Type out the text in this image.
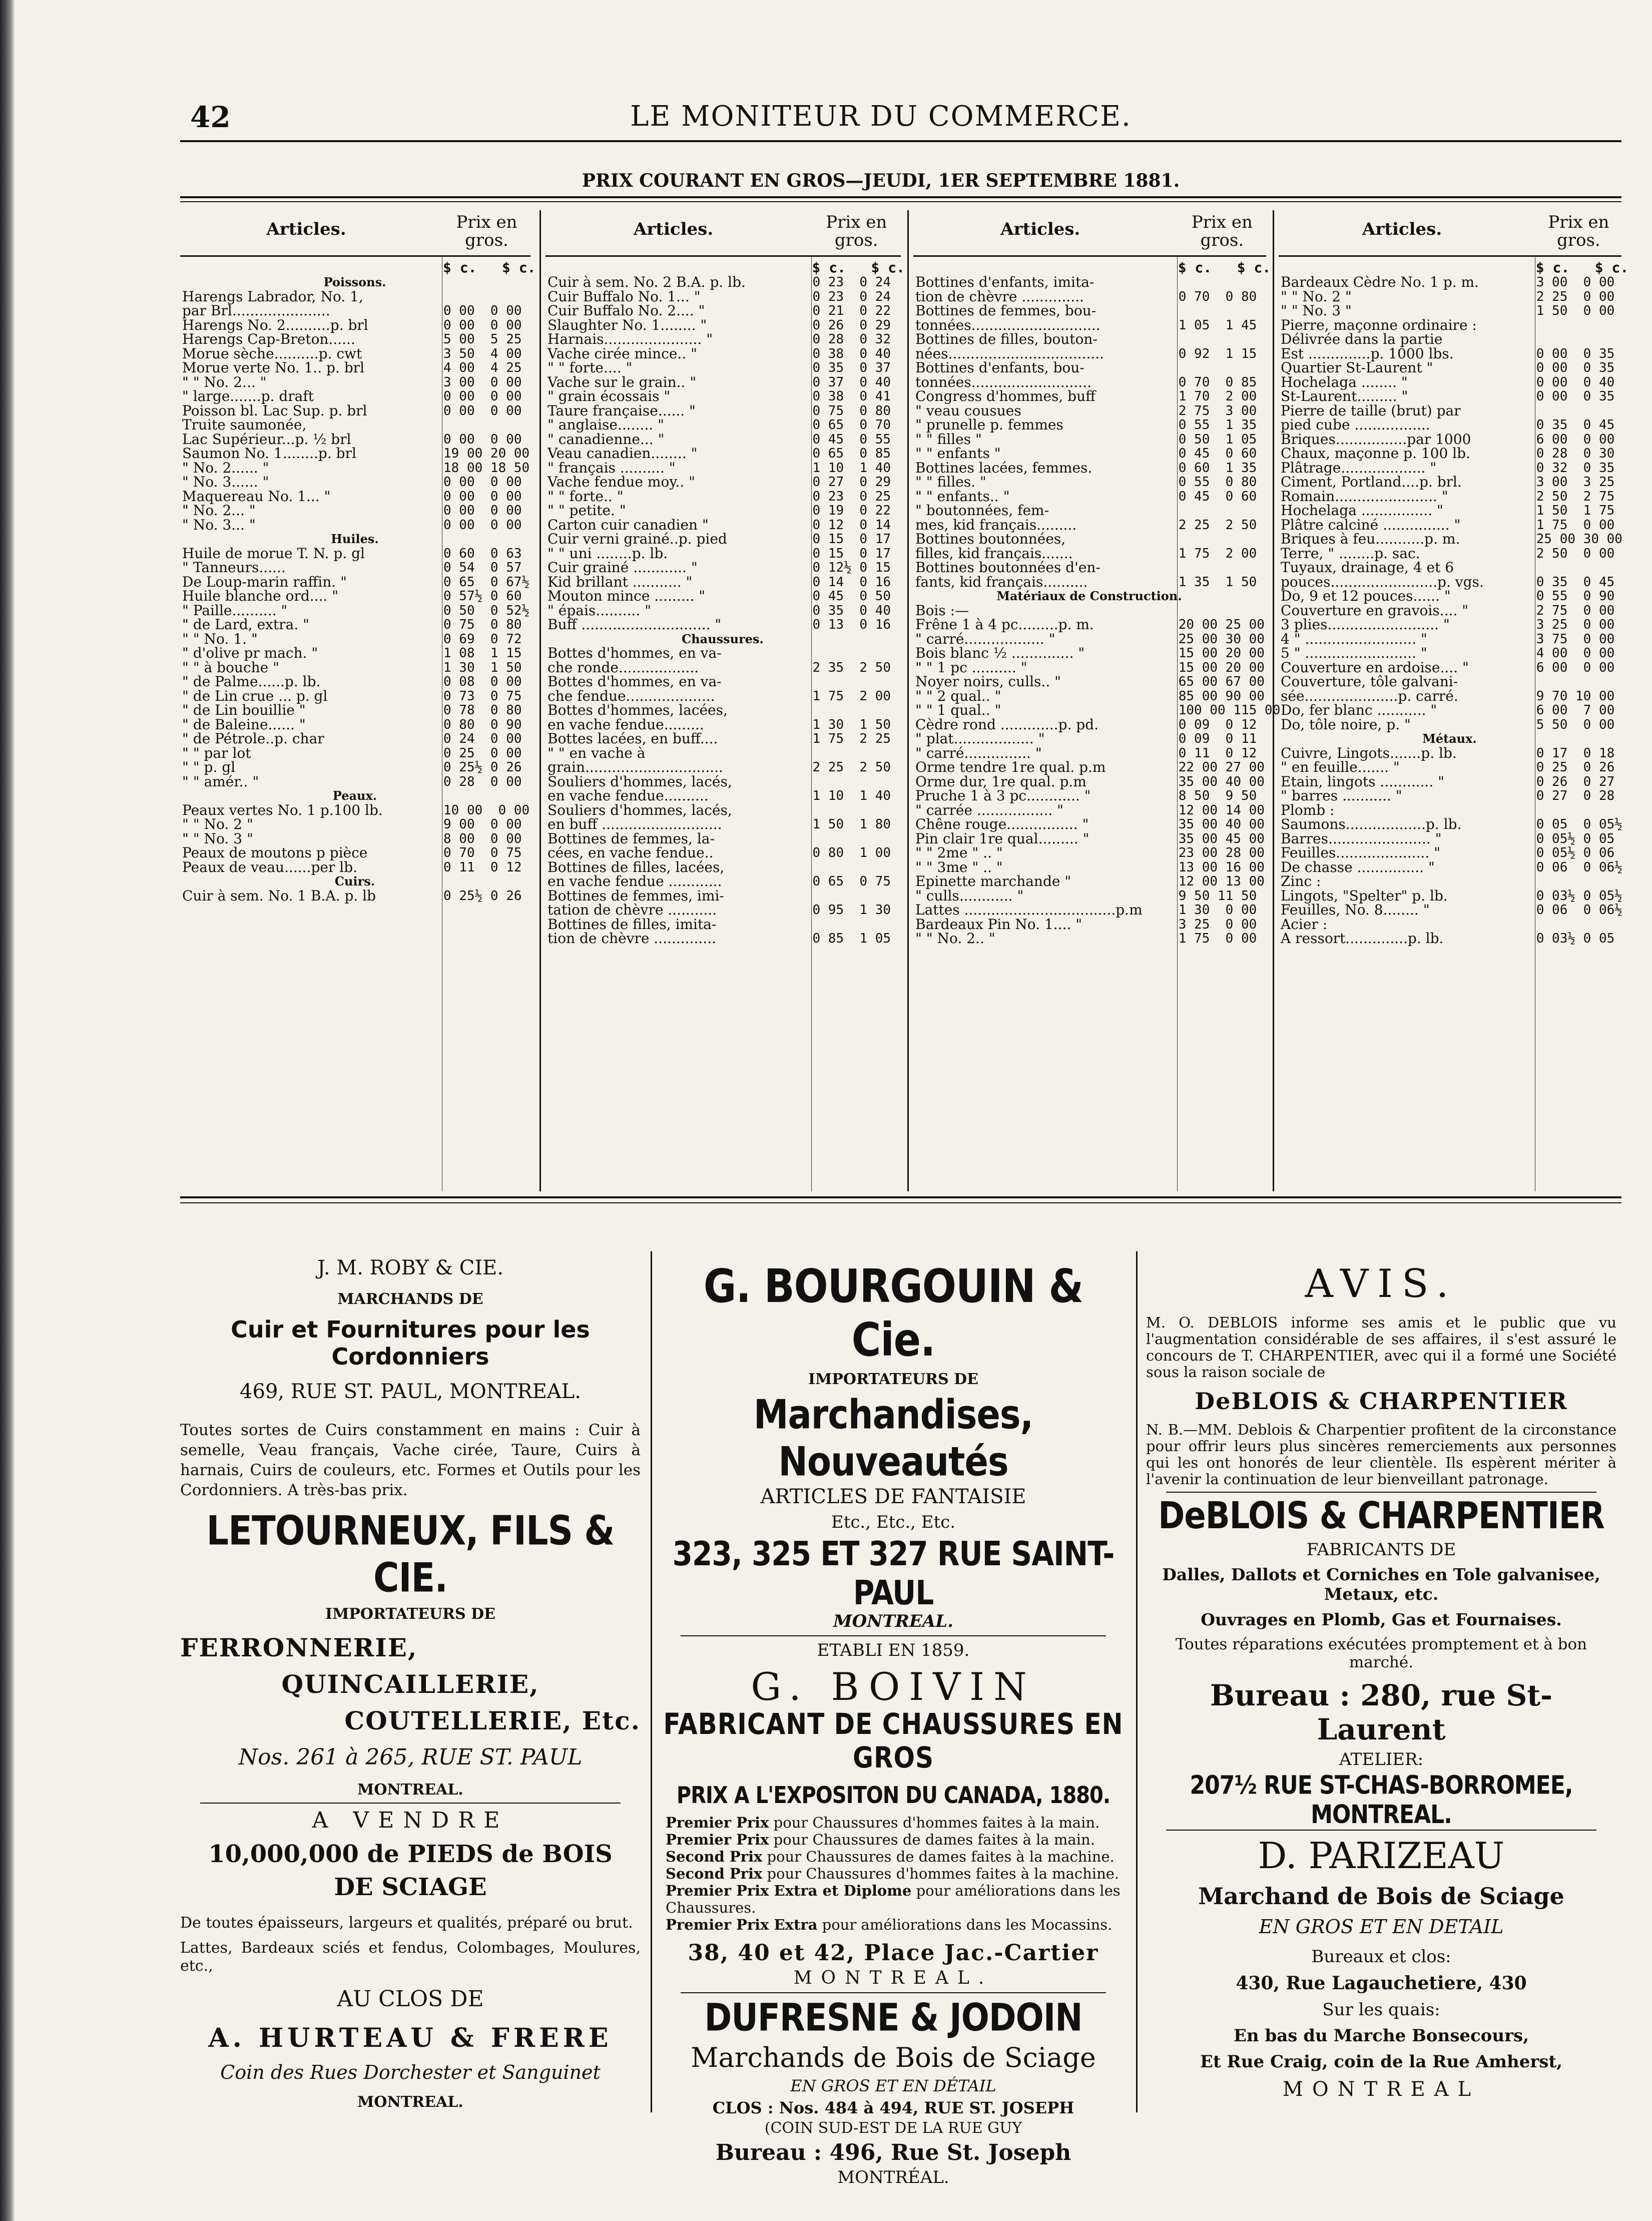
42	LE MONITEUR DU COMMERCE.
PRIX COURANT EN GROS—JEUDI, 1ER SEPTEMBRE 1881.
Articles.	Prix en gros.
$ c.   $ c.
Poissons.
Harengs Labrador, No. 1,
par Brl......................	0 00  0 00
Harengs No. 2..........p. brl	0 00  0 00
Harengs Cap-Breton......	5 00  5 25
Morue sèche..........p. cwt	3 50  4 00
Morue verte No. 1.. p. brl	4 00  4 25
" " No. 2... "	3 00  0 00
" large.......p. draft	0 00  0 00
Poisson bl. Lac Sup. p. brl	0 00  0 00
Truite saumonée,
Lac Supérieur...p. ½ brl	0 00  0 00
Saumon No. 1........p. brl	19 00 20 00
" No. 2...... "	18 00 18 50
" No. 3...... "	0 00  0 00
Maquereau No. 1... "	0 00  0 00
" No. 2... "	0 00  0 00
" No. 3... "	0 00  0 00
Huiles.
Huile de morue T. N. p. gl	0 60  0 63
" Tanneurs......	0 54  0 57
De Loup-marin raffin. "	0 65  0 67½
Huile blanche ord.... "	0 57½ 0 60
" Paille.......... "	0 50  0 52½
" de Lard, extra. "	0 75  0 80
" " No. 1. "	0 69  0 72
" d'olive pr mach. "	1 08  1 15
" " à bouche "	1 30  1 50
" de Palme......p. lb.	0 08  0 00
" de Lin crue ... p. gl	0 73  0 75
" de Lin bouillie "	0 78  0 80
" de Baleine...... "	0 80  0 90
" de Pétrole..p. char	0 24  0 00
" " par lot	0 25  0 00
" " p. gl	0 25½ 0 26
" " amér.. "	0 28  0 00
Peaux.
Peaux vertes No. 1 p.100 lb.	10 00  0 00
" " No. 2 "	9 00  0 00
" " No. 3 "	8 00  0 00
Peaux de moutons p pièce	0 70  0 75
Peaux de veau......per lb.	0 11  0 12
Cuirs.
Cuir à sem. No. 1 B.A. p. lb	0 25½ 0 26
Articles.	Prix en gros.
$ c.   $ c.
Cuir à sem. No. 2 B.A. p. lb.	0 23  0 24
Cuir Buffalo No. 1... "	0 23  0 24
Cuir Buffalo No. 2.... "	0 21  0 22
Slaughter No. 1........ "	0 26  0 29
Harnais...................... "	0 28  0 32
Vache cirée mince.. "	0 38  0 40
" " forte.... "	0 35  0 37
Vache sur le grain.. "	0 37  0 40
" grain écossais "	0 38  0 41
Taure française...... "	0 75  0 80
" anglaise........ "	0 65  0 70
" canadienne... "	0 45  0 55
Veau canadien........ "	0 65  0 85
" français .......... "	1 10  1 40
Vache fendue moy.. "	0 27  0 29
" " forte.. "	0 23  0 25
" " petite. "	0 19  0 22
Carton cuir canadien "	0 12  0 14
Cuir verni grainé..p. pied	0 15  0 17
" " uni ........p. lb.	0 15  0 17
Cuir grainé ............ "	0 12½ 0 15
Kid brillant ........... "	0 14  0 16
Mouton mince ......... "	0 45  0 50
" épais.......... "	0 35  0 40
Buff ............................. "	0 13  0 16
Chaussures.
Bottes d'hommes, en va-
che ronde..................	2 35  2 50
Bottes d'hommes, en va-
che fendue....................	1 75  2 00
Bottes d'hommes, lacées,
en vache fendue.........	1 30  1 50
Bottes lacées, en buff....	1 75  2 25
" " en vache à
grain...............................	2 25  2 50
Souliers d'hommes, lacés,
en vache fendue..........	1 10  1 40
Souliers d'hommes, lacés,
en buff ...........................	1 50  1 80
Bottines de femmes, la-
cées, en vache fendue..	0 80  1 00
Bottines de filles, lacées,
en vache fendue ............	0 65  0 75
Bottines de femmes, imi-
tation de chèvre ...........	0 95  1 30
Bottines de filles, imita-
tion de chèvre ..............	0 85  1 05
Articles.	Prix en gros.
$ c.   $ c.
Bottines d'enfants, imita-
tion de chèvre ..............	0 70  0 80
Bottines de femmes, bou-
tonnées.............................	1 05  1 45
Bottines de filles, bouton-
nées...................................	0 92  1 15
Bottines d'enfants, bou-
tonnées...........................	0 70  0 85
Congress d'hommes, buff	1 70  2 00
" veau cousues	2 75  3 00
" prunelle p. femmes	0 55  1 35
" " filles "	0 50  1 05
" " enfants "	0 45  0 60
Bottines lacées, femmes.	0 60  1 35
" " filles. "	0 55  0 80
" " enfants.. "	0 45  0 60
" boutonnées, fem-
mes, kid français.........	2 25  2 50
Bottines boutonnées,
filles, kid français.......	1 75  2 00
Bottines boutonnées d'en-
fants, kid français..........	1 35  1 50
Matériaux de Construction.
Bois :—
Frêne 1 à 4 pc.........p. m.	20 00 25 00
" carré.................. "	25 00 30 00
Bois blanc ½ .............. "	15 00 20 00
" " 1 pc .......... "	15 00 20 00
Noyer noirs, culls.. "	65 00 67 00
" " 2 qual.. "	85 00 90 00
" " 1 qual.. "	100 00 115 00
Cèdre rond .............p. pd.	0 09  0 12
" plat.................. "	0 09  0 11
" carré............... "	0 11  0 12
Orme tendre 1re qual. p.m	22 00 27 00
Orme dur, 1re qual. p.m	35 00 40 00
Pruche 1 à 3 pc............ "	8 50  9 50
" carrée ................. "	12 00 14 00
Chêne rouge................ "	35 00 40 00
Pin clair 1re qual......... "	35 00 45 00
" " 2me " .. "	23 00 28 00
" " 3me " .. "	13 00 16 00
Epinette marchande "	12 00 13 00
" culls............ "	9 50 11 50
Lattes ..................................p.m	1 30  0 00
Bardeaux Pin No. 1.... "	3 25  0 00
" " No. 2.. "	1 75  0 00
Articles.	Prix en gros.
$ c.   $ c.
Bardeaux Cèdre No. 1 p. m.	3 00  0 00
" " No. 2 "	2 25  0 00
" " No. 3 "	1 50  0 00
Pierre, maçonne ordinaire :
Délivrée dans la partie
Est ..............p. 1000 lbs.	0 00  0 35
Quartier St-Laurent "	0 00  0 35
Hochelaga ........ "	0 00  0 40
St-Laurent......... "	0 00  0 35
Pierre de taille (brut) par
pied cube .................	0 35  0 45
Briques................par 1000	6 00  0 00
Chaux, maçonne p. 100 lb.	0 28  0 30
Plâtrage................... "	0 32  0 35
Ciment, Portland....p. brl.	3 00  3 25
Romain....................... "	2 50  2 75
Hochelaga ................ "	1 50  1 75
Plâtre calciné ............... "	1 75  0 00
Briques à feu...........p. m.	25 00 30 00
Terre, " ........p. sac.	2 50  0 00
Tuyaux, drainage, 4 et 6
pouces........................p. vgs.	0 35  0 45
Do, 9 et 12 pouces...... "	0 55  0 90
Couverture en gravois.... "	2 75  0 00
3 plies......................... "	3 25  0 00
4 " ......................... "	3 75  0 00
5 " ......................... "	4 00  0 00
Couverture en ardoise.... "	6 00  0 00
Couverture, tôle galvani-
sée.....................p. carré.	9 70 10 00
Do, fer blanc ........... "	6 00  7 00
Do, tôle noire, p. "	5 50  0 00
Métaux.
Cuivre, Lingots.......p. lb.	0 17  0 18
" en feuille....... "	0 25  0 26
Etain, lingots ............ "	0 26  0 27
" barres ........... "	0 27  0 28
Plomb :
Saumons..................p. lb.	0 05  0 05½
Barres....................... "	0 05½ 0 05
Feuilles..................... "	0 05½ 0 06
De chasse ............... "	0 06  0 06½
Zinc :
Lingots, "Spelter" p. lb.	0 03½ 0 05½
Feuilles, No. 8........ "	0 06  0 06½
Acier :
A ressort..............p. lb.	0 03½ 0 05
J. M. ROBY & CIE.
MARCHANDS DE
Cuir et Fournitures pour les Cordonniers
469, RUE ST. PAUL, MONTREAL.
Toutes sortes de Cuirs constamment en mains : Cuir à semelle, Veau français, Vache cirée, Taure, Cuirs à harnais, Cuirs de couleurs, etc. Formes et Outils pour les Cordonniers. A très-bas prix.
LETOURNEUX, FILS & CIE.
IMPORTATEURS DE
FERRONNERIE,
QUINCAILLERIE,
COUTELLERIE, Etc.
Nos. 261 à 265, RUE ST. PAUL
MONTREAL.
A VENDRE
10,000,000 de PIEDS de BOIS
DE SCIAGE
De toutes épaisseurs, largeurs et qualités, préparé ou brut.
Lattes, Bardeaux sciés et fendus, Colombages, Moulures, etc.,
AU CLOS DE
A. HURTEAU & FRERE
Coin des Rues Dorchester et Sanguinet
MONTREAL.
G. BOURGOUIN & Cie.
IMPORTATEURS DE
Marchandises, Nouveautés
ARTICLES DE FANTAISIE
Etc., Etc., Etc.
323, 325 ET 327 RUE SAINT-PAUL
MONTREAL.
ETABLI EN 1859.
G. BOIVIN
FABRICANT DE CHAUSSURES EN GROS
PRIX A L'EXPOSITON DU CANADA, 1880.
Premier Prix pour Chaussures d'hommes faites à la main.
Premier Prix pour Chaussures de dames faites à la main.
Second Prix pour Chaussures de dames faites à la machine.
Second Prix pour Chaussures d'hommes faites à la machine.
Premier Prix Extra et Diplome pour améliorations dans les Chaussures.
Premier Prix Extra pour améliorations dans les Mocassins.
38, 40 et 42, Place Jac.-Cartier
MONTREAL.
DUFRESNE & JODOIN
Marchands de Bois de Sciage
EN GROS ET EN DÉTAIL
CLOS : Nos. 484 à 494, RUE ST. JOSEPH
(COIN SUD-EST DE LA RUE GUY
Bureau : 496, Rue St. Joseph
MONTRÉAL.
AVIS.
M. O. DEBLOIS informe ses amis et le public que vu l'augmentation considérable de ses affaires, il s'est assuré le concours de T. CHARPENTIER, avec qui il a formé une Société sous la raison sociale de
DeBLOIS & CHARPENTIER
N. B.—MM. Deblois & Charpentier profitent de la circonstance pour offrir leurs plus sincères remerciements aux personnes qui les ont honorés de leur clientèle. Ils espèrent mériter à l'avenir la continuation de leur bienveillant patronage.
DeBLOIS & CHARPENTIER
FABRICANTS DE
Dalles, Dallots et Corniches en Tole galvanisee, Metaux, etc.
Ouvrages en Plomb, Gas et Fournaises.
Toutes réparations exécutées promptement et à bon marché.
Bureau : 280, rue St-Laurent
ATELIER:
207½ RUE ST-CHAS-BORROMEE, MONTREAL.
D. PARIZEAU
Marchand de Bois de Sciage
EN GROS ET EN DETAIL
Bureaux et clos:
430, Rue Lagauchetiere, 430
Sur les quais:
En bas du Marche Bonsecours,
Et Rue Craig, coin de la Rue Amherst,
MONTREAL
